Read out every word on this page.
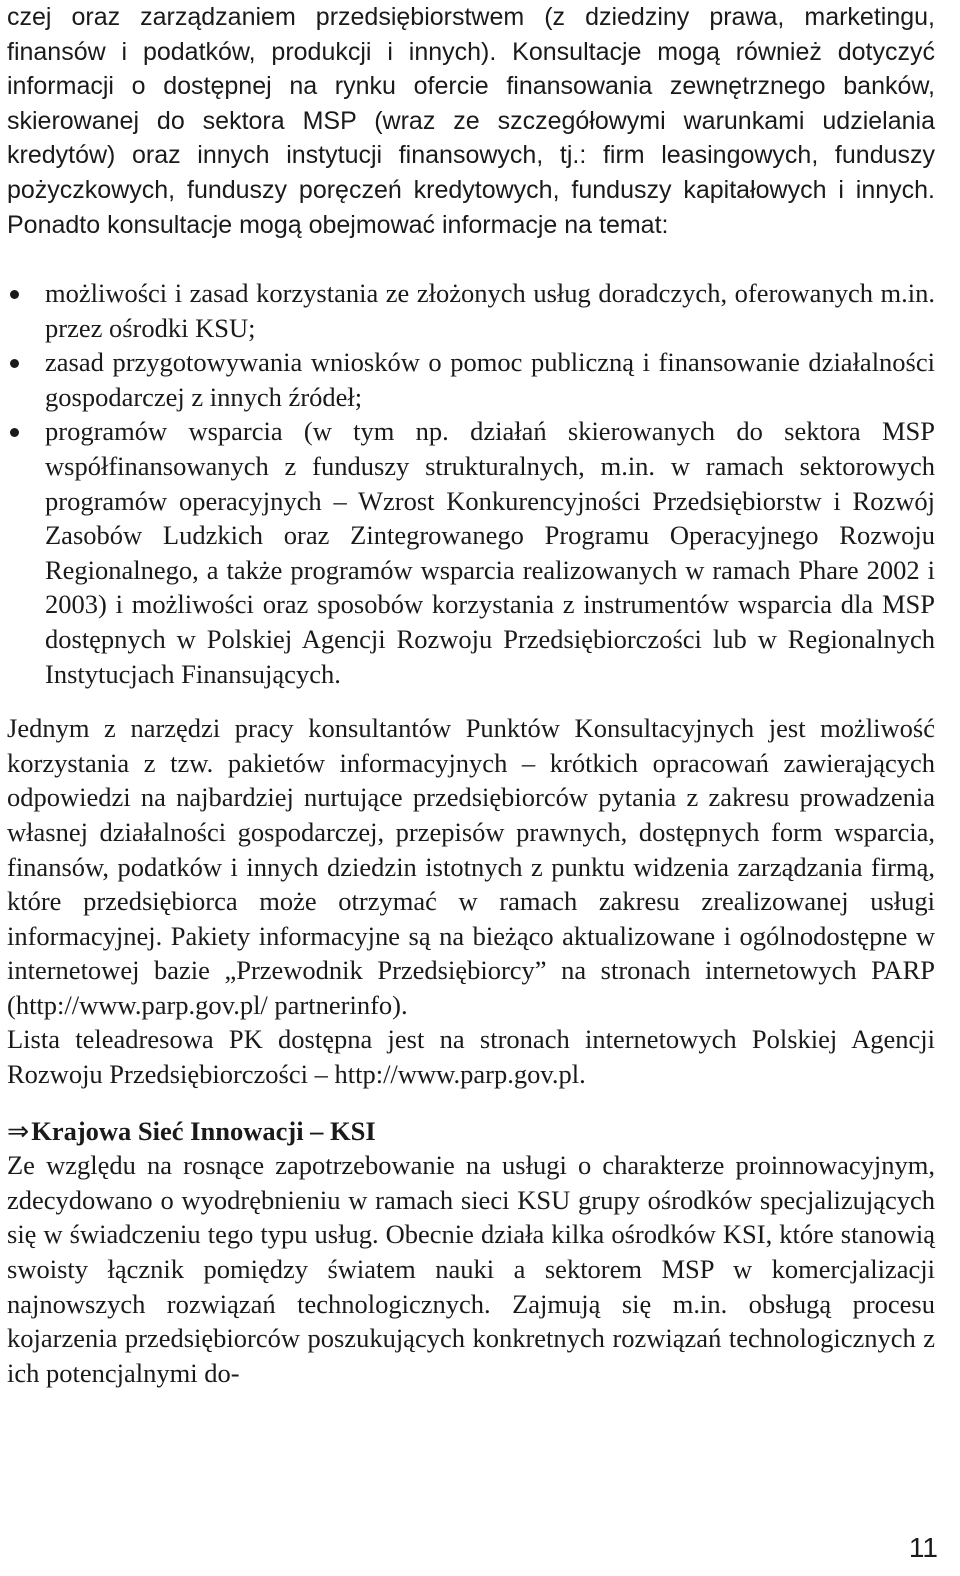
czej oraz zarządzaniem przedsiębiorstwem (z dziedziny prawa, marketingu, finansów i podatków, produkcji i innych). Konsultacje mogą również dotyczyć informacji o dostępnej na rynku ofercie finansowania zewnętrznego banków, skierowanej do sektora MSP (wraz ze szczegółowymi warunkami udzielania kredytów) oraz innych instytucji finansowych, tj.: firm leasingowych, funduszy pożyczkowych, funduszy poręczeń kredytowych, funduszy kapitałowych i innych. Ponadto konsultacje mogą obejmować informacje na temat:

możliwości i zasad korzystania ze złożonych usług doradczych, oferowanych m.in. przez ośrodki KSU;
zasad przygotowywania wniosków o pomoc publiczną i finansowanie działalności gospodarczej z innych źródeł;
programów wsparcia (w tym np. działań skierowanych do sektora MSP współfinansowanych z funduszy strukturalnych, m.in. w ramach sektorowych programów operacyjnych – Wzrost Konkurencyjności Przedsiębiorstw i Rozwój Zasobów Ludzkich oraz Zintegrowanego Programu Operacyjnego Rozwoju Regionalnego, a także programów wsparcia realizowanych w ramach Phare 2002 i 2003) i możliwości oraz sposobów korzystania z instrumentów wsparcia dla MSP dostępnych w Polskiej Agencji Rozwoju Przedsiębiorczości lub w Regionalnych Instytucjach Finansujących.

Jednym z narzędzi pracy konsultantów Punktów Konsultacyjnych jest możliwość korzystania z tzw. pakietów informacyjnych – krótkich opracowań zawierających odpowiedzi na najbardziej nurtujące przedsiębiorców pytania z zakresu prowadzenia własnej działalności gospodarczej, przepisów prawnych, dostępnych form wsparcia, finansów, podatków i innych dziedzin istotnych z punktu widzenia zarządzania firmą, które przedsiębiorca może otrzymać w ramach zakresu zrealizowanej usługi informacyjnej. Pakiety informacyjne są na bieżąco aktualizowane i ogólnodostępne w internetowej bazie „Przewodnik Przedsiębiorcy” na stronach internetowych PARP (http://www.parp.gov.pl/ partnerinfo).

Lista teleadresowa PK dostępna jest na stronach internetowych Polskiej Agencji Rozwoju Przedsiębiorczości – http://www.parp.gov.pl.

⇒Krajowa Sieć Innowacji – KSI

Ze względu na rosnące zapotrzebowanie na usługi o charakterze proinnowacyjnym, zdecydowano o wyodrębnieniu w ramach sieci KSU grupy ośrodków specjalizujących się w świadczeniu tego typu usług. Obecnie działa kilka ośrodków KSI, które stanowią swoisty łącznik pomiędzy światem nauki a sektorem MSP w komercjalizacji najnowszych rozwiązań technologicznych. Zajmują się m.in. obsługą procesu kojarzenia przedsiębiorców poszukujących konkretnych rozwiązań technologicznych z ich potencjalnymi do-

11
